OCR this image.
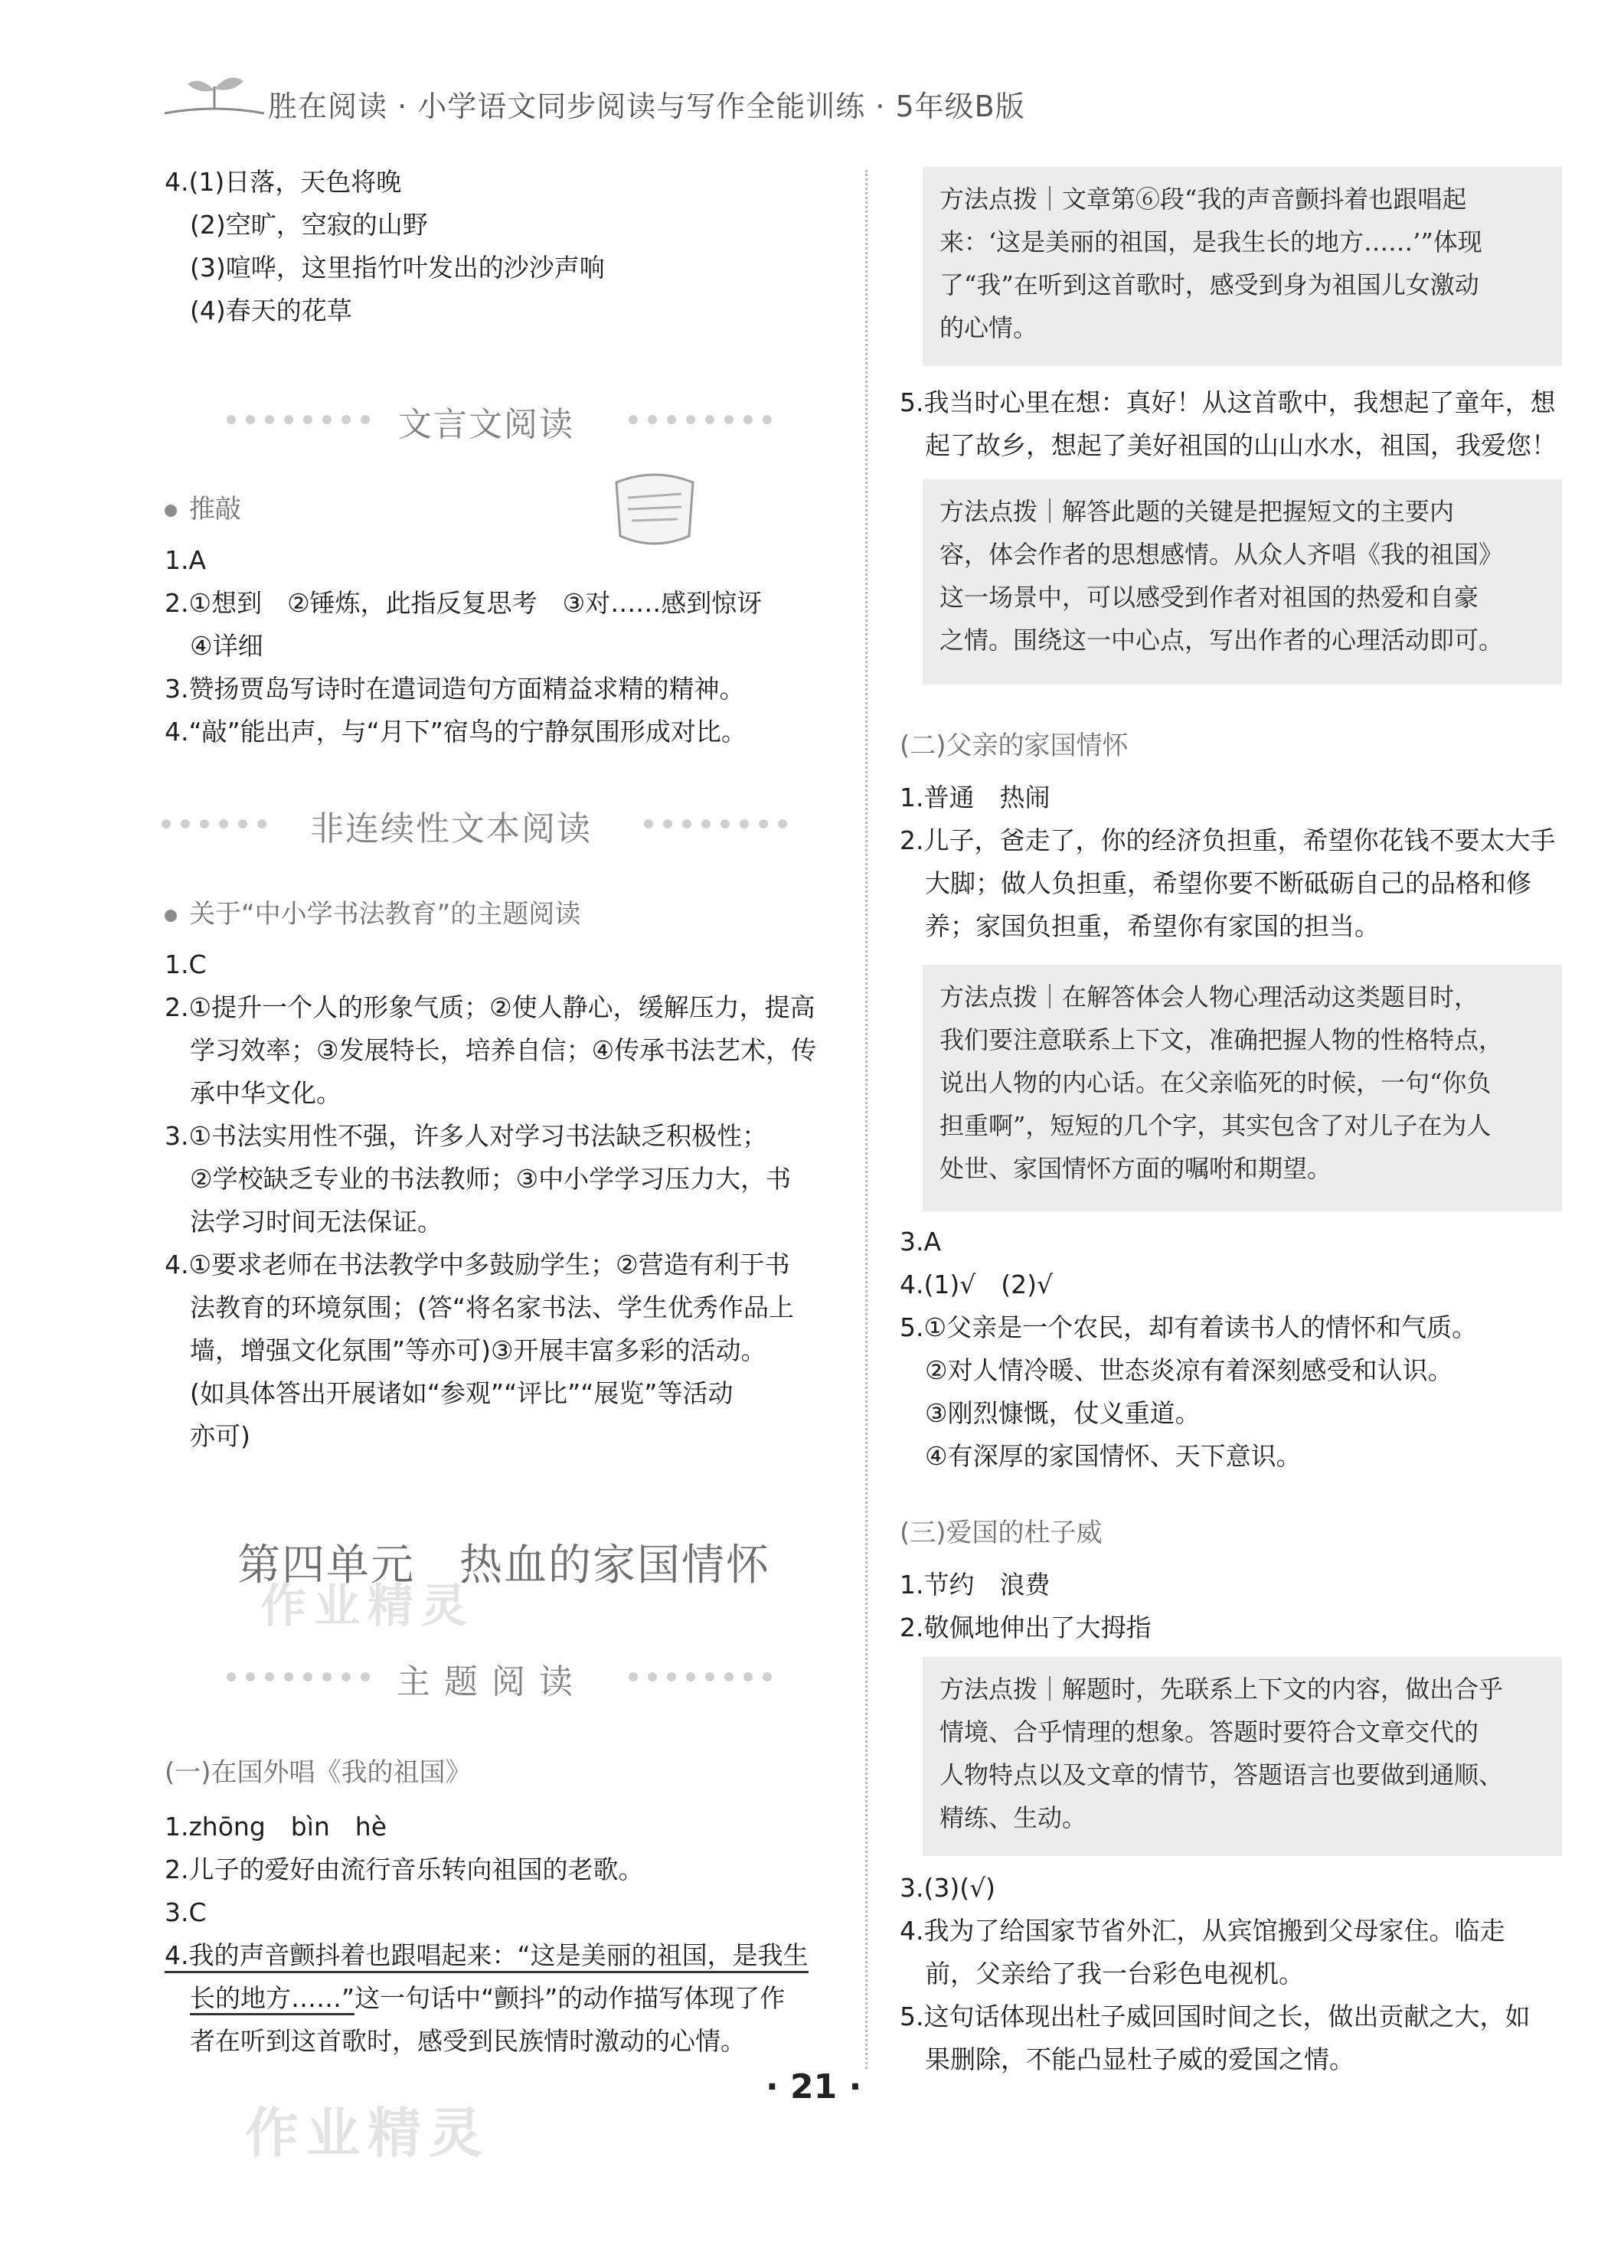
胜在阅读 · 小学语文同步阅读与写作全能训练 · 5年级B版
4.(1)日落，天色将晚
(2)空旷，空寂的山野
(3)喧哗，这里指竹叶发出的沙沙声响
(4)春天的花草
文言文阅读
推敲
1.A
2.①想到　②锤炼，此指反复思考　③对……感到惊讶
④详细
3.赞扬贾岛写诗时在遣词造句方面精益求精的精神。
4.“敲”能出声，与“月下”宿鸟的宁静氛围形成对比。
非连续性文本阅读
关于“中小学书法教育”的主题阅读
1.C
2.①提升一个人的形象气质；②使人静心，缓解压力，提高
学习效率；③发展特长，培养自信；④传承书法艺术，传
承中华文化。
3.①书法实用性不强，许多人对学习书法缺乏积极性；
②学校缺乏专业的书法教师；③中小学学习压力大，书
法学习时间无法保证。
4.①要求老师在书法教学中多鼓励学生；②营造有利于书
法教育的环境氛围；(答“将名家书法、学生优秀作品上
墙，增强文化氛围”等亦可)③开展丰富多彩的活动。
(如具体答出开展诸如“参观”“评比”“展览”等活动
亦可)
第四单元　热血的家国情怀
作业精灵
主 题 阅 读
(一)在国外唱《我的祖国》
1.zhōng　bìn　hè
2.儿子的爱好由流行音乐转向祖国的老歌。
3.C
4.我的声音颤抖着也跟唱起来：“这是美丽的祖国，是我生
长的地方……”这一句话中“颤抖”的动作描写体现了作
者在听到这首歌时，感受到民族情时激动的心情。
作业精灵
方法点拨｜文章第⑥段“我的声音颤抖着也跟唱起
来：‘这是美丽的祖国，是我生长的地方……’”体现
了“我”在听到这首歌时，感受到身为祖国儿女激动
的心情。
5.我当时心里在想：真好！从这首歌中，我想起了童年，想
起了故乡，想起了美好祖国的山山水水，祖国，我爱您！
方法点拨｜解答此题的关键是把握短文的主要内
容，体会作者的思想感情。从众人齐唱《我的祖国》
这一场景中，可以感受到作者对祖国的热爱和自豪
之情。围绕这一中心点，写出作者的心理活动即可。
(二)父亲的家国情怀
1.普通　热闹
2.儿子，爸走了，你的经济负担重，希望你花钱不要太大手
大脚；做人负担重，希望你要不断砥砺自己的品格和修
养；家国负担重，希望你有家国的担当。
方法点拨｜在解答体会人物心理活动这类题目时，
我们要注意联系上下文，准确把握人物的性格特点，
说出人物的内心话。在父亲临死的时候，一句“你负
担重啊”，短短的几个字，其实包含了对儿子在为人
处世、家国情怀方面的嘱咐和期望。
3.A
4.(1)√　(2)√
5.①父亲是一个农民，却有着读书人的情怀和气质。
②对人情冷暖、世态炎凉有着深刻感受和认识。
③刚烈慷慨，仗义重道。
④有深厚的家国情怀、天下意识。
(三)爱国的杜子威
1.节约　浪费
2.敬佩地伸出了大拇指
方法点拨｜解题时，先联系上下文的内容，做出合乎
情境、合乎情理的想象。答题时要符合文章交代的
人物特点以及文章的情节，答题语言也要做到通顺、
精练、生动。
3.(3)(√)
4.我为了给国家节省外汇，从宾馆搬到父母家住。临走
前，父亲给了我一台彩色电视机。
5.这句话体现出杜子威回国时间之长，做出贡献之大，如
果删除，不能凸显杜子威的爱国之情。
· 21 ·
